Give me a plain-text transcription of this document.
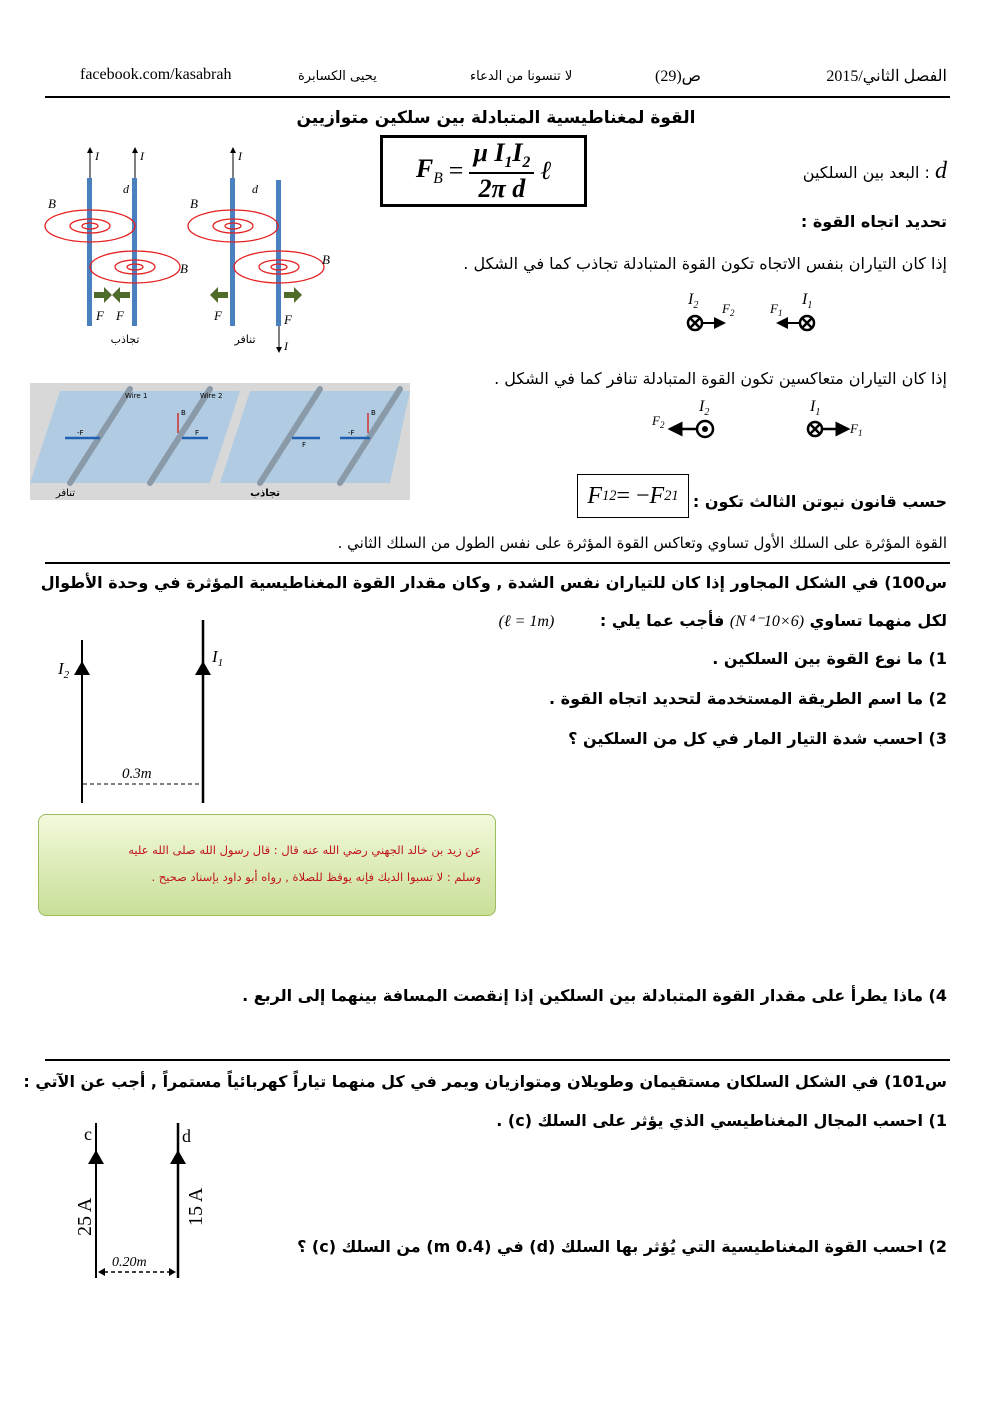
الفصل الثاني/2015
ص(29)
لا تنسونا من الدعاء
يحيى الكسابرة
facebook.com/kasabrah
القوة لمغناطيسية المتبادلة بين سلكين متوازيين
$F_B = \frac{\mu I_1I_2}{\text{2π d}}$ ℓ	d : البعد بين السلكين
تحديد اتجاه القوة :
إذا كان التياران بنفس الاتجاه تكون القوة المتبادلة تجاذب كما في الشكل .
$I_2$ $F_2$	$F_1$
$I_1$
إذا كان التياران متعاكسين تكون القوة المتبادلة تنافر كما في الشكل .
$F_2$
$I_2$	$I_1$
$F_1$
d
B
B
I	I
F F
تجاذب
d
B
B
I
I
F	F
تنافر
Wire 1	Wire 2
-F	F
F
-F
B	B
تنافر	تجاذب	حسب قانون نيوتن الثالث تكون :
F 12 = − F 21
القوة المؤثرة على السلك الأول تساوي وتعاكس القوة المؤثرة على نفس الطول من السلك الثاني .
س100) في الشكل المجاور إذا كان للتياران نفس الشدة , وكان مقدار القوة المغناطيسية المؤثرة في وحدة الأطوال
لكل منهما تساوي (6×10⁻⁴ N) فأجب عما يلي : (ℓ = 1m)
1) ما نوع القوة بين السلكين .
2) ما اسم الطريقة المستخدمة لتحديد اتجاه القوة .
3) احسب شدة التيار المار في كل من السلكين ؟
4) ماذا يطرأ على مقدار القوة المتبادلة بين السلكين إذا إنقصت المسافة بينهما إلى الربع .
$I_2$
$I_1$
0.3m
عن زيد بن خالد الجهني رضي الله عنه قال : قال رسول الله صلى الله عليه
وسلم : لا تسبوا الديك فإنه يوقظ للصلاة , رواه أبو داود بإسناد صحيح .
س101) في الشكل السلكان مستقيمان وطويلان ومتوازيان ويمر في كل منهما تياراً كهربائياً مستمراً , أجب عن الآتي :
1) احسب المجال المغناطيسي الذي يؤثر على السلك (c) .
2) احسب القوة المغناطيسية التي يُؤثر بها السلك (d) في (0.4 m) من السلك (c) ؟
c	d
25 A	15 A
0.20m
